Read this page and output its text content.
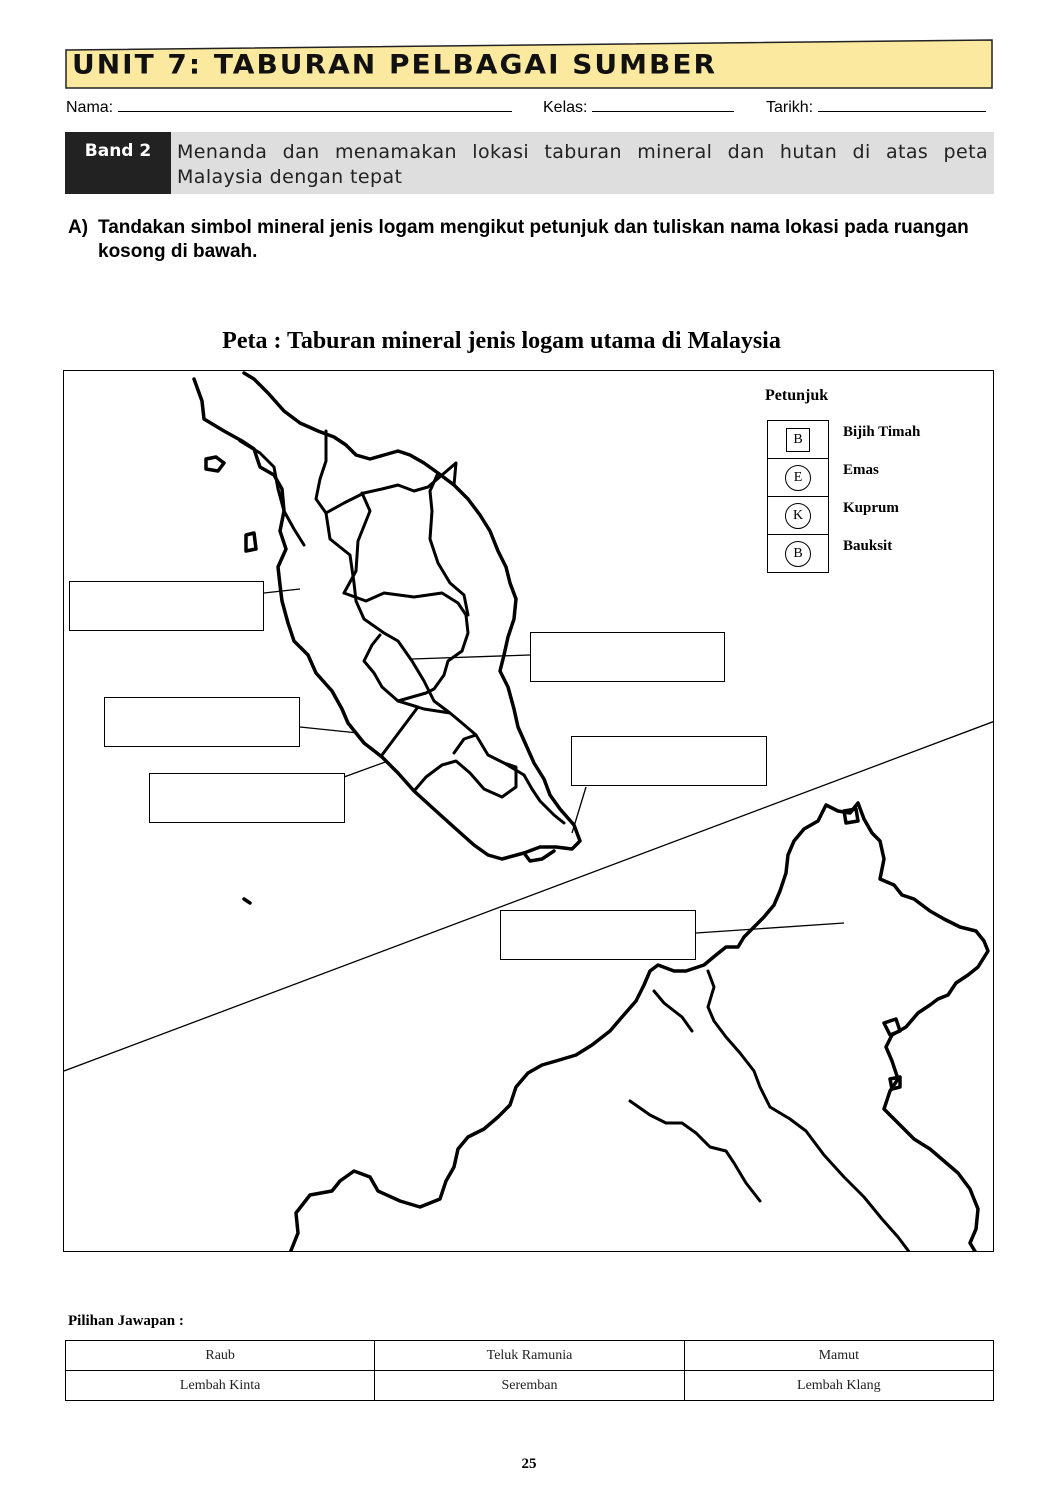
UNIT 7: TABURAN PELBAGAI SUMBER
Nama:	Kelas:	Tarikh:
Band 2	Menanda dan menamakan lokasi taburan mineral dan hutan di atas peta Malaysia dengan tepat
A) Tandakan simbol mineral jenis logam mengikut petunjuk dan tuliskan nama lokasi pada ruangan kosong di bawah.
Peta : Taburan mineral jenis logam utama di Malaysia
Petunjuk
B	Bijih Timah
E	Emas
K	Kuprum
B	Bauksit
Pilihan Jawapan :
Raub	Teluk Ramunia	Mamut
Lembah Kinta	Seremban	Lembah Klang
25
